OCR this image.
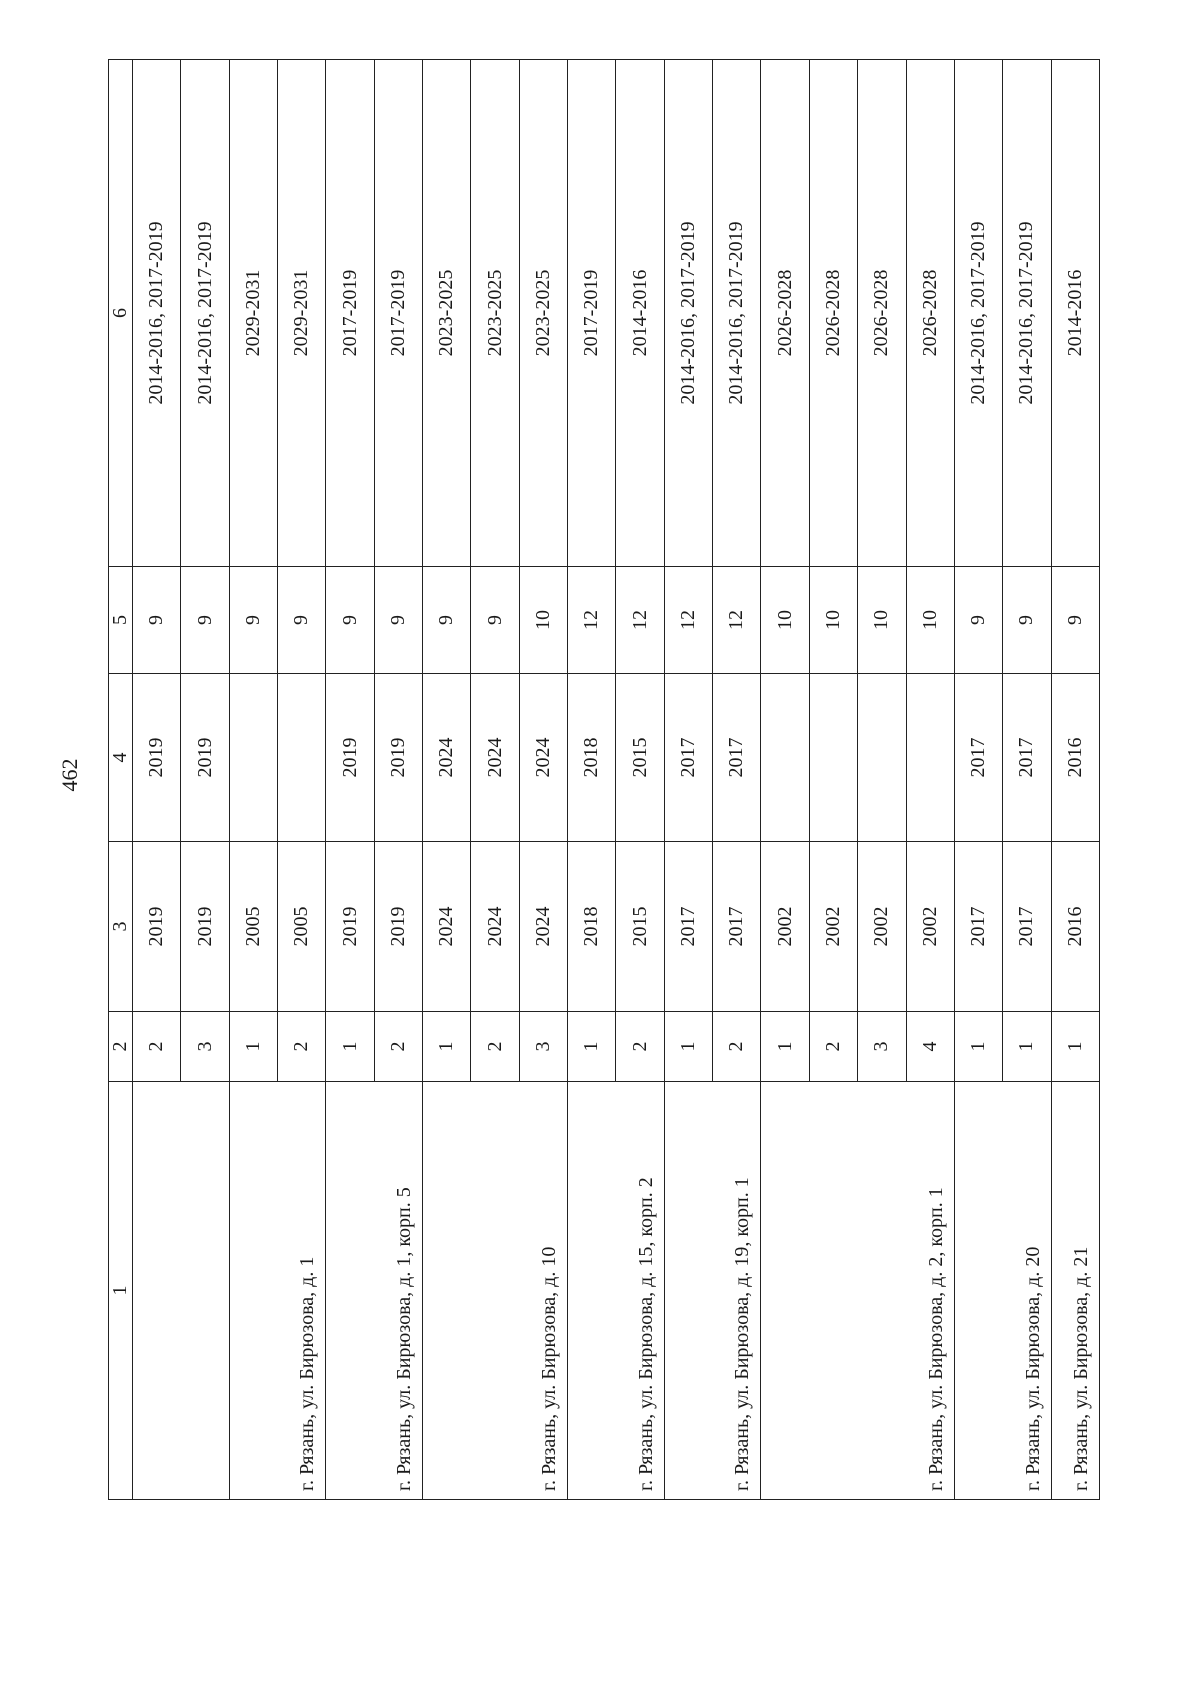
462
1	2	3	4	5	6
	2	2019	2019	9	2014-2016, 2017-2019
	3	2019	2019	9	2014-2016, 2017-2019
г. Рязань, ул. Бирюзова, д. 1	1	2005		9	2029-2031
	2	2005		9	2029-2031
г. Рязань, ул. Бирюзова, д. 1, корп. 5	1	2019	2019	9	2017-2019
	2	2019	2019	9	2017-2019
г. Рязань, ул. Бирюзова, д. 10	1	2024	2024	9	2023-2025
	2	2024	2024	9	2023-2025
	3	2024	2024	10	2023-2025
г. Рязань, ул. Бирюзова, д. 15, корп. 2	1	2018	2018	12	2017-2019
	2	2015	2015	12	2014-2016
г. Рязань, ул. Бирюзова, д. 19, корп. 1	1	2017	2017	12	2014-2016, 2017-2019
	2	2017	2017	12	2014-2016, 2017-2019
г. Рязань, ул. Бирюзова, д. 2, корп. 1	1	2002		10	2026-2028
	2	2002		10	2026-2028
	3	2002		10	2026-2028
	4	2002		10	2026-2028
г. Рязань, ул. Бирюзова, д. 20	1	2017	2017	9	2014-2016, 2017-2019
	1	2017	2017	9	2014-2016, 2017-2019
г. Рязань, ул. Бирюзова, д. 21	1	2016	2016	9	2014-2016
